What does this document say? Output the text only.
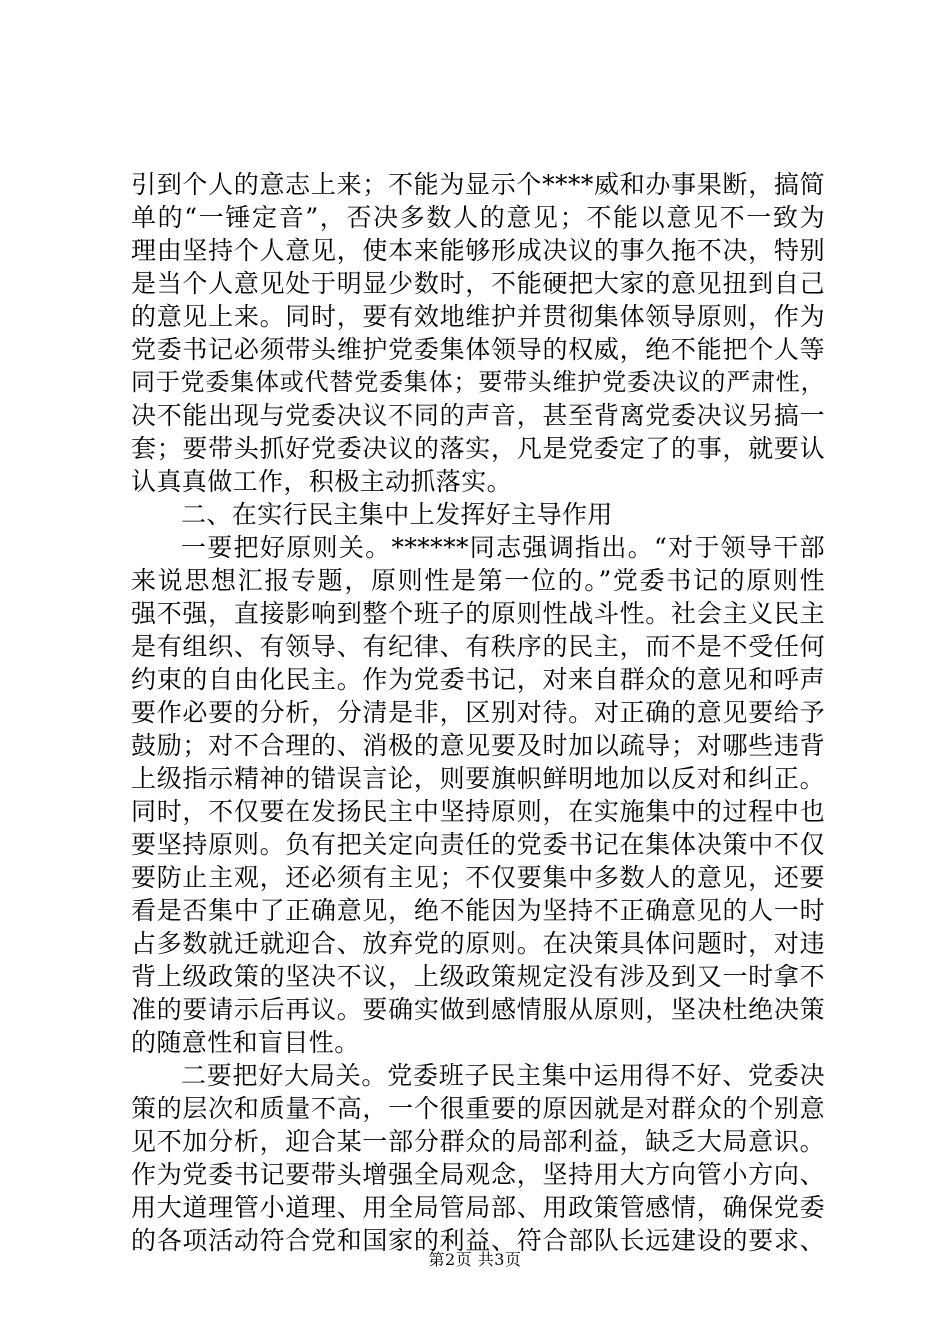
引到个人的意志上来；不能为显示个****威和办事果断，搞简
单的“一锤定音”，否决多数人的意见；不能以意见不一致为
理由坚持个人意见，使本来能够形成决议的事久拖不决，特别
是当个人意见处于明显少数时，不能硬把大家的意见扭到自己
的意见上来。同时，要有效地维护并贯彻集体领导原则，作为
党委书记必须带头维护党委集体领导的权威，绝不能把个人等
同于党委集体或代替党委集体；要带头维护党委决议的严肃性，
决不能出现与党委决议不同的声音，甚至背离党委决议另搞一
套；要带头抓好党委决议的落实，凡是党委定了的事，就要认
认真真做工作，积极主动抓落实。
二、在实行民主集中上发挥好主导作用
一要把好原则关。******同志强调指出。“对于领导干部
来说思想汇报专题，原则性是第一位的。”党委书记的原则性
强不强，直接影响到整个班子的原则性战斗性。社会主义民主
是有组织、有领导、有纪律、有秩序的民主，而不是不受任何
约束的自由化民主。作为党委书记，对来自群众的意见和呼声
要作必要的分析，分清是非，区别对待。对正确的意见要给予
鼓励；对不合理的、消极的意见要及时加以疏导；对哪些违背
上级指示精神的错误言论，则要旗帜鲜明地加以反对和纠正。
同时，不仅要在发扬民主中坚持原则，在实施集中的过程中也
要坚持原则。负有把关定向责任的党委书记在集体决策中不仅
要防止主观，还必须有主见；不仅要集中多数人的意见，还要
看是否集中了正确意见，绝不能因为坚持不正确意见的人一时
占多数就迁就迎合、放弃党的原则。在决策具体问题时，对违
背上级政策的坚决不议，上级政策规定没有涉及到又一时拿不
准的要请示后再议。要确实做到感情服从原则，坚决杜绝决策
的随意性和盲目性。
二要把好大局关。党委班子民主集中运用得不好、党委决
策的层次和质量不高，一个很重要的原因就是对群众的个别意
见不加分析，迎合某一部分群众的局部利益，缺乏大局意识。
作为党委书记要带头增强全局观念，坚持用大方向管小方向、
用大道理管小道理、用全局管局部、用政策管感情，确保党委
的各项活动符合党和国家的利益、符合部队长远建设的要求、
第2页 共3页
